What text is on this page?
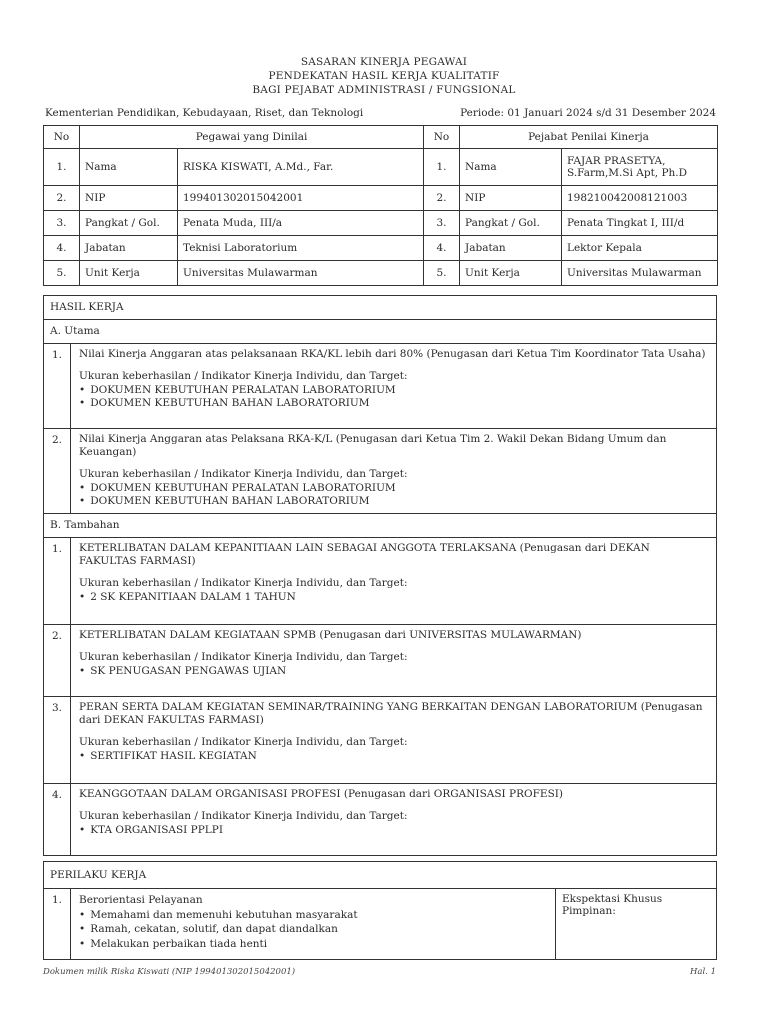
SASARAN KINERJA PEGAWAI
PENDEKATAN HASIL KERJA KUALITATIF
BAGI PEJABAT ADMINISTRASI / FUNGSIONAL
Kementerian Pendidikan, Kebudayaan, Riset, dan Teknologi	Periode: 01 Januari 2024 s/d 31 Desember 2024
No	Pegawai yang Dinilai		No	Pejabat Penilai Kinerja	
1.	Nama	RISKA KISWATI, A.Md., Far.	1.	Nama	FAJAR PRASETYA, S.Farm,M.Si Apt, Ph.D
2.	NIP	199401302015042001	2.	NIP	198210042008121003
3.	Pangkat / Gol.	Penata Muda, III/a	3.	Pangkat / Gol.	Penata Tingkat I, III/d
4.	Jabatan	Teknisi Laboratorium	4.	Jabatan	Lektor Kepala
5.	Unit Kerja	Universitas Mulawarman	5.	Unit Kerja	Universitas Mulawarman
HASIL KERJA
A. Utama
1.	Nilai Kinerja Anggaran atas pelaksanaan RKA/KL lebih dari 80% (Penugasan dari Ketua Tim Koordinator Tata Usaha)
Ukuran keberhasilan / Indikator Kinerja Individu, dan Target:
• DOKUMEN KEBUTUHAN PERALATAN LABORATORIUM
• DOKUMEN KEBUTUHAN BAHAN LABORATORIUM
2.	Nilai Kinerja Anggaran atas Pelaksana RKA-K/L (Penugasan dari Ketua Tim 2. Wakil Dekan Bidang Umum dan Keuangan)
Ukuran keberhasilan / Indikator Kinerja Individu, dan Target:
• DOKUMEN KEBUTUHAN PERALATAN LABORATORIUM
• DOKUMEN KEBUTUHAN BAHAN LABORATORIUM
B. Tambahan
1.	KETERLIBATAN DALAM KEPANITIAAN LAIN SEBAGAI ANGGOTA TERLAKSANA (Penugasan dari DEKAN FAKULTAS FARMASI)
Ukuran keberhasilan / Indikator Kinerja Individu, dan Target:
• 2 SK KEPANITIAAN DALAM 1 TAHUN
2.	KETERLIBATAN DALAM KEGIATAAN SPMB (Penugasan dari UNIVERSITAS MULAWARMAN)
Ukuran keberhasilan / Indikator Kinerja Individu, dan Target:
• SK PENUGASAN PENGAWAS UJIAN
3.	PERAN SERTA DALAM KEGIATAN SEMINAR/TRAINING YANG BERKAITAN DENGAN LABORATORIUM (Penugasan dari DEKAN FAKULTAS FARMASI)
Ukuran keberhasilan / Indikator Kinerja Individu, dan Target:
• SERTIFIKAT HASIL KEGIATAN
4.	KEANGGOTAAN DALAM ORGANISASI PROFESI (Penugasan dari ORGANISASI PROFESI)
Ukuran keberhasilan / Indikator Kinerja Individu, dan Target:
• KTA ORGANISASI PPLPI
PERILAKU KERJA
1.	Berorientasi Pelayanan
• Memahami dan memenuhi kebutuhan masyarakat
• Ramah, cekatan, solutif, dan dapat diandalkan
• Melakukan perbaikan tiada henti
Ekspektasi Khusus Pimpinan:
Dokumen milik Riska Kiswati (NIP 199401302015042001)	Hal. 1
